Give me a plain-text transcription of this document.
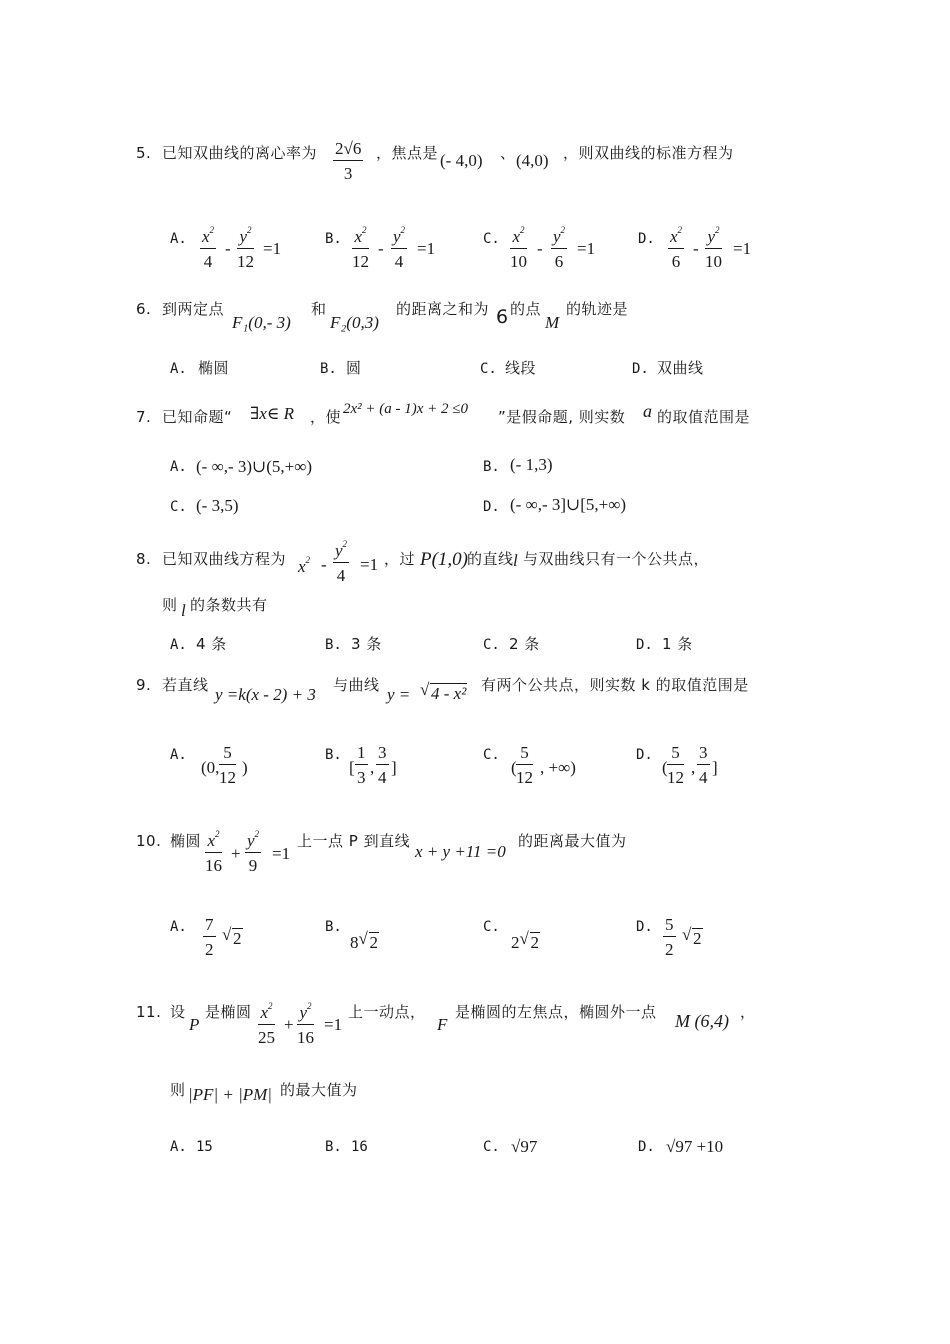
5. 已知双曲线的离心率为 $\frac{2√6}{3}$ ，焦点是 (- 4,0) 、 (4,0) ，则双曲线的标准方程为
A. $\frac{x^2}{4} - \frac{y^2}{12} =1$	B. $\frac{x^2}{12} - \frac{y^2}{4} =1$	C. $\frac{x^2}{10} - \frac{y^2}{6} =1$	D. $\frac{x^2}{6} - \frac{y^2}{10} =1$
6. 到两定点
F₁(0,- 3)
和
F₂(0,3)
的距离之和为 6 的点
M
的轨迹是
A. 椭圆	B. 圆	C. 线段	D. 双曲线
7. 已知命题“ ∃x∈ R ，使 2x² + (a - 1)x + 2 ≤0 ”是假命题, 则实数 a 的取值范围是
A. (- ∞,- 3)∪(5,+∞)	B. (- 1,3)
C. (- 3,5)	D. (- ∞,- 3]∪[5,+∞)
8. 已知双曲线方程为 $x^2 - \frac{y^2}{4} =1$ ，过 P(1,0)
的直线 l 与双曲线只有一个公共点，
则 l 的条数共有
A. 4 条	B. 3 条	C. 2 条	D. 1 条
9. 若直线 y =k(x - 2) + 3 与曲线 y = √ 4 - x² 有两个公共点，则实数 k 的取值范围是
A.
(0, $\frac{5}{12}$ )
B.
[ $\frac{1}{3}$ , $\frac{3}{4}$ ]
C.
( $\frac{5}{12}$ , +∞)
D.
( $\frac{5}{12}$ , $\frac{3}{4}$ ]
10. 椭圆 $\frac{x^2}{16} + \frac{y^2}{9} =1$
上一点 P 到直线
x + y +11 =0
的距离最大值为
A. $\frac{7}{2}$ √ 2
B.
8 √ 2
C.
2 √ 2
D. $\frac{5}{2}$ √ 2
11. 设
P
是椭圆 $\frac{x^2}{25} + \frac{y^2}{16} =1$
上一动点，
F
是椭圆的左焦点，椭圆外一点 M (6,4) ，
则 |PF| + |PM| 的最大值为
A. 15	B. 16	C. √97	D. √97 +10
